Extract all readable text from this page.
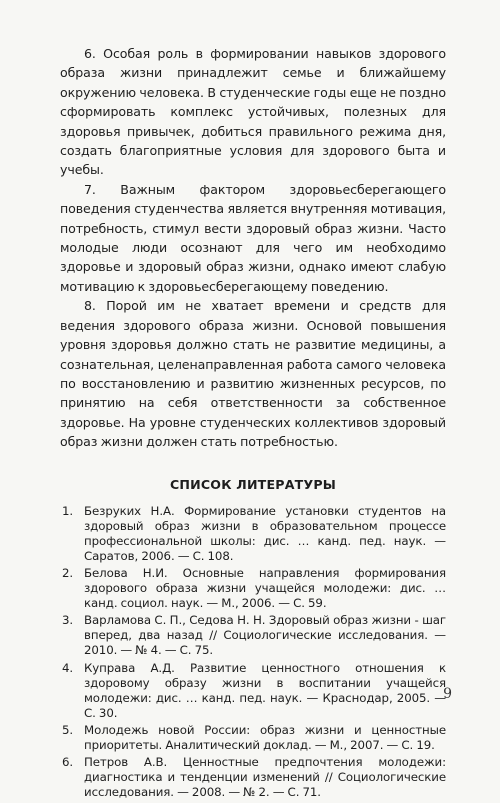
6. Особая роль в формировании навыков здорового образа жизни принадлежит семье и ближайшему окружению человека. В студенческие годы еще не поздно сформировать комплекс устойчивых, полезных для здоровья привычек, добиться правильного режима дня, создать благоприятные условия для здорового быта и учебы.

7. Важным фактором здоровьесберегающего поведения студенчества является внутренняя мотивация, потребность, стимул вести здоровый образ жизни. Часто молодые люди осознают для чего им необходимо здоровье и здоровый образ жизни, однако имеют слабую мотивацию к здоровьесберегающему поведению.

8. Порой им не хватает времени и средств для ведения здорового образа жизни. Основой повышения уровня здоровья должно стать не развитие медицины, а сознательная, целенаправленная работа самого человека по восстановлению и развитию жизненных ресурсов, по принятию на себя ответственности за собственное здоровье. На уровне студенческих коллективов здоровый образ жизни должен стать потребностью.

СПИСОК ЛИТЕРАТУРЫ
1. Безруких Н.А. Формирование установки студентов на здоровый образ жизни в образовательном процессе профессиональной школы: дис. … канд. пед. наук. — Саратов, 2006. — С. 108.
2. Белова Н.И. Основные направления формирования здорового образа жизни учащейся молодежи: дис. … канд. социол. наук. — М., 2006. — С. 59.
3. Варламова С. П., Седова Н. Н. Здоровый образ жизни - шаг вперед, два назад // Социологические исследования. — 2010. — № 4. — С. 75.
4. Куправа А.Д. Развитие ценностного отношения к здоровому образу жизни в воспитании учащейся молодежи: дис. … канд. пед. наук. — Краснодар, 2005. — С. 30.
5. Молодежь новой России: образ жизни и ценностные приоритеты. Аналитический доклад. — М., 2007. — С. 19.
6. Петров А.В. Ценностные предпочтения молодежи: диагностика и тенденции изменений // Социологические исследования. — 2008. — № 2. — С. 71.
9
